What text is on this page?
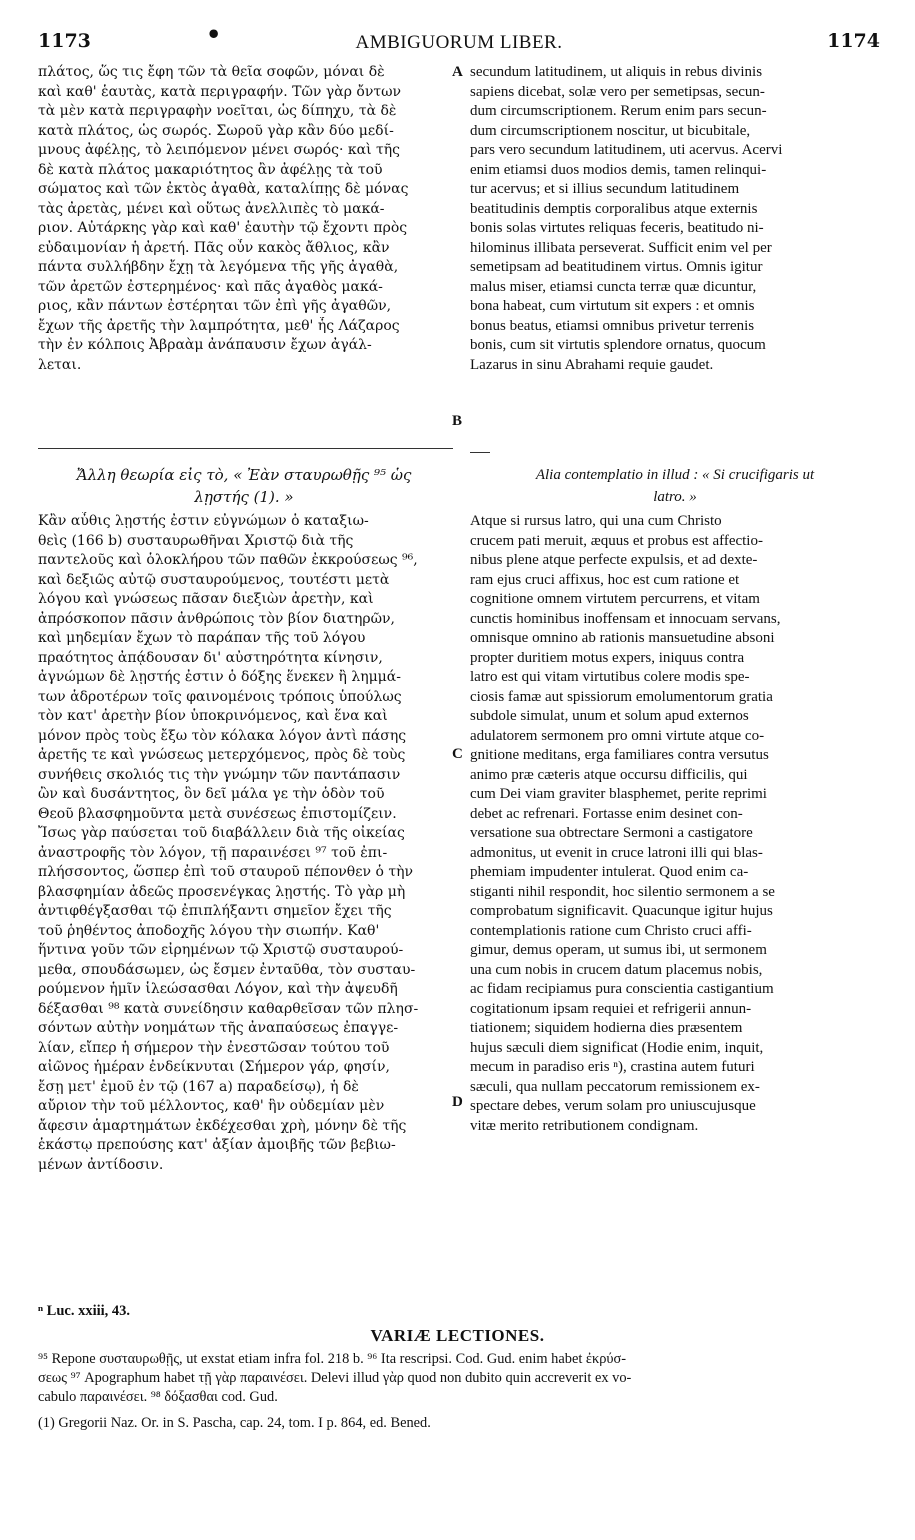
1173	•	AMBIGUORUM LIBER.	1174
πλάτος, ὥς τις ἔφη τῶν τὰ θεῖα σοφῶν, μόναι δὲ
καὶ καθ' ἑαυτὰς, κατὰ περιγραφήν. Τῶν γὰρ ὄντων
τὰ μὲν κατὰ περιγραφὴν νοεῖται, ὡς δίπηχυ, τὰ δὲ
κατὰ πλάτος, ὡς σωρός. Σωροῦ γὰρ κἂν δύο μεδί-
μνους ἀφέλῃς, τὸ λειπόμενον μένει σωρός· καὶ τῆς
δὲ κατὰ πλάτος μακαριότητος ἂν ἀφέλῃς τὰ τοῦ
σώματος καὶ τῶν ἐκτὸς ἀγαθὰ, καταλίπῃς δὲ μόνας
τὰς ἀρετὰς, μένει καὶ οὕτως ἀνελλιπὲς τὸ μακά-
ριον. Αὐτάρκης γὰρ καὶ καθ' ἑαυτὴν τῷ ἔχοντι πρὸς
εὐδαιμονίαν ἡ ἀρετή. Πᾶς οὖν κακὸς ἄθλιος, κἂν
πάντα συλλήβδην ἔχῃ τὰ λεγόμενα τῆς γῆς ἀγαθὰ,
τῶν ἀρετῶν ἐστερημένος· καὶ πᾶς ἀγαθὸς μακά-
ριος, κἂν πάντων ἐστέρηται τῶν ἐπὶ γῆς ἀγαθῶν,
ἔχων τῆς ἀρετῆς τὴν λαμπρότητα, μεθ' ἧς Λάζαρος
τὴν ἐν κόλποις Ἀβραὰμ ἀνάπαυσιν ἔχων ἀγάλ-
λεται.
secundum latitudinem, ut aliquis in rebus divinis
sapiens dicebat, solæ vero per semetipsas, secun-
dum circumscriptionem. Rerum enim pars secun-
dum circumscriptionem noscitur, ut bicubitale,
pars vero secundum latitudinem, uti acervus. Acervi
enim etiamsi duos modios demis, tamen relinqui-
tur acervus; et si illius secundum latitudinem
beatitudinis demptis corporalibus atque externis
bonis solas virtutes reliquas feceris, beatitudo ni-
hilominus illibata perseverat. Sufficit enim vel per
semetipsam ad beatitudinem virtus. Omnis igitur
malus miser, etiamsi cuncta terræ quæ dicuntur,
bona habeat, cum virtutum sit expers : et omnis
bonus beatus, etiamsi omnibus privetur terrenis
bonis, cum sit virtutis splendore ornatus, quocum
Lazarus in sinu Abrahami requie gaudet.
A
B
C
D
Ἄλλη θεωρία εἰς τὸ, « Ἐὰν σταυρωθῇς ⁹⁵ ὡς
λῃστής (1). »
Alia contemplatio in illud : « Si crucifigaris ut
latro. »
Κἂν αὖθις λῃστής ἐστιν εὐγνώμων ὁ καταξιω-
θεὶς (166 b) συσταυρωθῆναι Χριστῷ διὰ τῆς
παντελοῦς καὶ ὁλοκλήρου τῶν παθῶν ἐκκρούσεως ⁹⁶,
καὶ δεξιῶς αὐτῷ συσταυρούμενος, τουτέστι μετὰ
λόγου καὶ γνώσεως πᾶσαν διεξιὼν ἀρετὴν, καὶ
ἀπρόσκοπον πᾶσιν ἀνθρώποις τὸν βίον διατηρῶν,
καὶ μηδεμίαν ἔχων τὸ παράπαν τῆς τοῦ λόγου
πραότητος ἀπᾴδουσαν δι' αὐστηρότητα κίνησιν,
ἀγνώμων δὲ λῃστής ἐστιν ὁ δόξης ἕνεκεν ἢ λημμά-
των ἁδροτέρων τοῖς φαινομένοις τρόποις ὑπούλως
τὸν κατ' ἀρετὴν βίον ὑποκρινόμενος, καὶ ἕνα καὶ
μόνον πρὸς τοὺς ἔξω τὸν κόλακα λόγον ἀντὶ πάσης
ἀρετῆς τε καὶ γνώσεως μετερχόμενος, πρὸς δὲ τοὺς
συνήθεις σκολιός τις τὴν γνώμην τῶν παντάπασιν
ὢν καὶ δυσάντητος, ὃν δεῖ μάλα γε τὴν ὁδὸν τοῦ
Θεοῦ βλασφημοῦντα μετὰ συνέσεως ἐπιστομίζειν.
Ἴσως γὰρ παύσεται τοῦ διαβάλλειν διὰ τῆς οἰκείας
ἀναστροφῆς τὸν λόγον, τῇ παραινέσει ⁹⁷ τοῦ ἐπι-
πλήσσοντος, ὥσπερ ἐπὶ τοῦ σταυροῦ πέπονθεν ὁ τὴν
βλασφημίαν ἀδεῶς προσενέγκας λῃστής. Τὸ γὰρ μὴ
ἀντιφθέγξασθαι τῷ ἐπιπλήξαντι σημεῖον ἔχει τῆς
τοῦ ῥηθέντος ἀποδοχῆς λόγου τὴν σιωπήν. Καθ'
ἥντινα γοῦν τῶν εἰρημένων τῷ Χριστῷ συσταυρού-
μεθα, σπουδάσωμεν, ὡς ἔσμεν ἐνταῦθα, τὸν συσταυ-
ρούμενον ἡμῖν ἱλεώσασθαι Λόγον, καὶ τὴν ἀψευδῆ
δέξασθαι ⁹⁸ κατὰ συνείδησιν καθαρθεῖσαν τῶν πλησ-
σόντων αὐτὴν νοημάτων τῆς ἀναπαύσεως ἐπαγγε-
λίαν, εἴπερ ἡ σήμερον τὴν ἐνεστῶσαν τούτου τοῦ
αἰῶνος ἡμέραν ἐνδείκνυται (Σήμερον γάρ, φησίν,
ἔσῃ μετ' ἐμοῦ ἐν τῷ (167 a) παραδείσῳ), ἡ δὲ
αὔριον τὴν τοῦ μέλλοντος, καθ' ἣν οὐδεμίαν μὲν
ἄφεσιν ἁμαρτημάτων ἐκδέχεσθαι χρὴ, μόνην δὲ τῆς
ἑκάστῳ πρεπούσης κατ' ἀξίαν ἀμοιβῆς τῶν βεβιω-
μένων ἀντίδοσιν.
Atque si rursus latro, qui una cum Christo
crucem pati meruit, æquus et probus est affectio-
nibus plene atque perfecte expulsis, et ad dexte-
ram ejus cruci affixus, hoc est cum ratione et
cognitione omnem virtutem percurrens, et vitam
cunctis hominibus inoffensam et innocuam servans,
omnisque omnino ab rationis mansuetudine absoni
propter duritiem motus expers, iniquus contra
latro est qui vitam virtutibus colere modis spe-
ciosis famæ aut spissiorum emolumentorum gratia
subdole simulat, unum et solum apud externos
adulatorem sermonem pro omni virtute atque co-
gnitione meditans, erga familiares contra versutus
animo præ cæteris atque occursu difficilis, qui
cum Dei viam graviter blasphemet, perite reprimi
debet ac refrenari. Fortasse enim desinet con-
versatione sua obtrectare Sermoni a castigatore
admonitus, ut evenit in cruce latroni illi qui blas-
phemiam impudenter intulerat. Quod enim ca-
stiganti nihil respondit, hoc silentio sermonem a se
comprobatum significavit. Quacunque igitur hujus
contemplationis ratione cum Christo cruci affi-
gimur, demus operam, ut sumus ibi, ut sermonem
una cum nobis in crucem datum placemus nobis,
ac fidam recipiamus pura conscientia castigantium
cogitationum ipsam requiei et refrigerii annun-
tiationem; siquidem hodierna dies præsentem
hujus sæculi diem significat (Hodie enim, inquit,
mecum in paradiso eris ⁿ), crastina autem futuri
sæculi, qua nullam peccatorum remissionem ex-
spectare debes, verum solam pro uniuscujusque
vitæ merito retributionem condignam.
ⁿ Luc. xxiii, 43.
VARIÆ LECTIONES.
⁹⁵ Repone συσταυρωθῇς, ut exstat etiam infra fol. 218 b. ⁹⁶ Ita rescripsi. Cod. Gud. enim habet ἐκρύσ-
σεως ⁹⁷ Apographum habet τῇ γὰρ παραινέσει. Delevi illud γὰρ quod non dubito quin accreverit ex vo-
cabulo παραινέσει. ⁹⁸ δόξασθαι cod. Gud.
(1) Gregorii Naz. Or. in S. Pascha, cap. 24, tom. I p. 864, ed. Bened.
